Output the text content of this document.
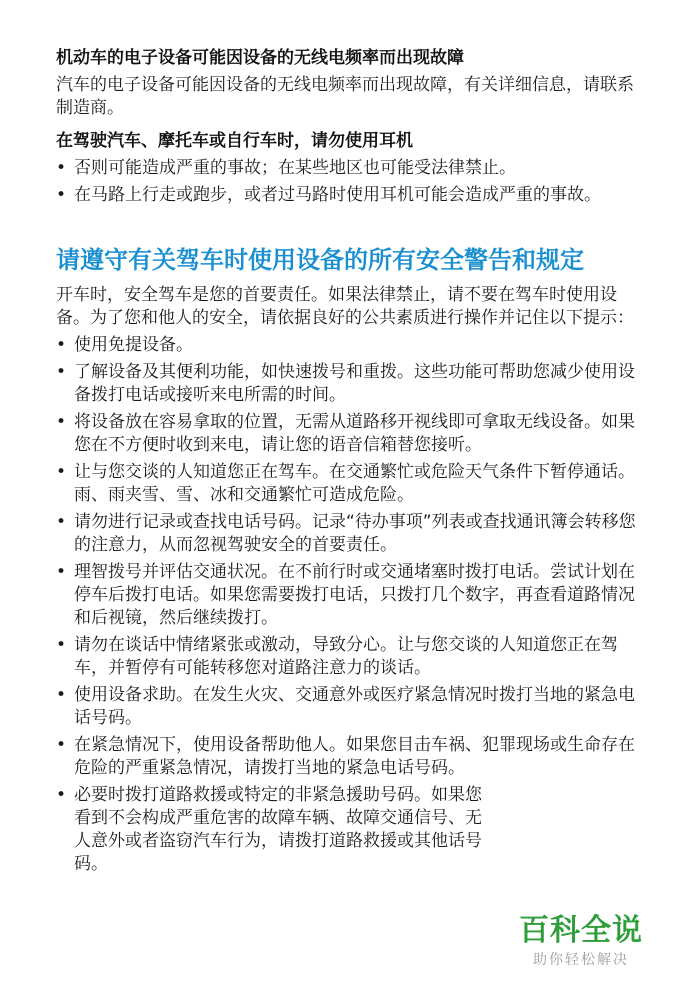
机动车的电子设备可能因设备的无线电频率而出现故障
汽车的电子设备可能因设备的无线电频率而出现故障，有关详细信息，请联系制造商。
在驾驶汽车、摩托车或自行车时，请勿使用耳机
• 否则可能造成严重的事故；在某些地区也可能受法律禁止。
• 在马路上行走或跑步，或者过马路时使用耳机可能会造成严重的事故。
请遵守有关驾车时使用设备的所有安全警告和规定
开车时，安全驾车是您的首要责任。如果法律禁止，请不要在驾车时使用设备。为了您和他人的安全，请依据良好的公共素质进行操作并记住以下提示：
• 使用免提设备。
• 了解设备及其便利功能，如快速拨号和重拨。这些功能可帮助您减少使用设备拨打电话或接听来电所需的时间。
• 将设备放在容易拿取的位置，无需从道路移开视线即可拿取无线设备。如果您在不方便时收到来电，请让您的语音信箱替您接听。
• 让与您交谈的人知道您正在驾车。在交通繁忙或危险天气条件下暂停通话。雨、雨夹雪、雪、冰和交通繁忙可造成危险。
• 请勿进行记录或查找电话号码。记录“待办事项”列表或查找通讯簿会转移您的注意力，从而忽视驾驶安全的首要责任。
• 理智拨号并评估交通状况。在不前行时或交通堵塞时拨打电话。尝试计划在停车后拨打电话。如果您需要拨打电话，只拨打几个数字，再查看道路情况和后视镜，然后继续拨打。
• 请勿在谈话中情绪紧张或激动，导致分心。让与您交谈的人知道您正在驾车，并暂停有可能转移您对道路注意力的谈话。
• 使用设备求助。在发生火灾、交通意外或医疗紧急情况时拨打当地的紧急电话号码。
• 在紧急情况下，使用设备帮助他人。如果您目击车祸、犯罪现场或生命存在危险的严重紧急情况，请拨打当地的紧急电话号码。
• 必要时拨打道路救援或特定的非紧急援助号码。如果您看到不会构成严重危害的故障车辆、故障交通信号、无人意外或者盗窃汽车行为，请拨打道路救援或其他话号码。
百科全说
助你轻松解决
